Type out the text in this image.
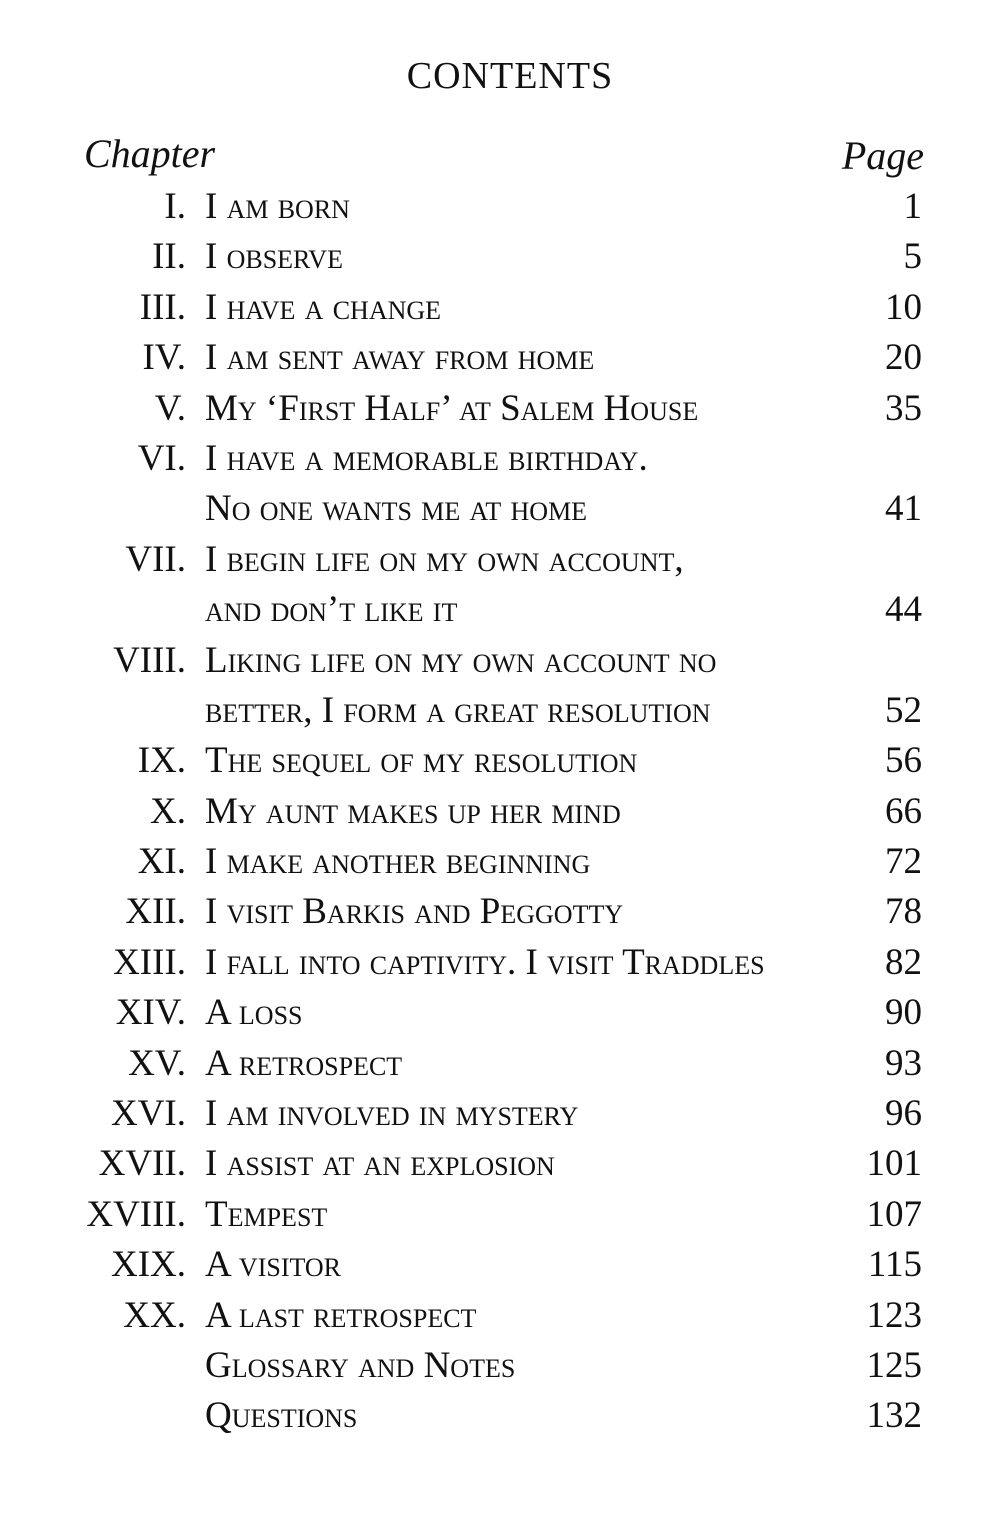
CONTENTS
Chapter	Page
I. I am born	1
II. I observe	5
III. I have a change	10
IV. I am sent away from home	20
V. My ‘First Half’ at Salem House	35
VI. I have a memorable birthday.
No one wants me at home	41
VII. I begin life on my own account,
and don’t like it	44
VIII. Liking life on my own account no
better, I form a great resolution	52
IX. The sequel of my resolution	56
X. My aunt makes up her mind	66
XI. I make another beginning	72
XII. I visit Barkis and Peggotty	78
XIII. I fall into captivity. I visit Traddles	82
XIV. A loss	90
XV. A retrospect	93
XVI. I am involved in mystery	96
XVII. I assist at an explosion	101
XVIII. Tempest	107
XIX. A visitor	115
XX. A last retrospect	123
Glossary and Notes	125
Questions	132
